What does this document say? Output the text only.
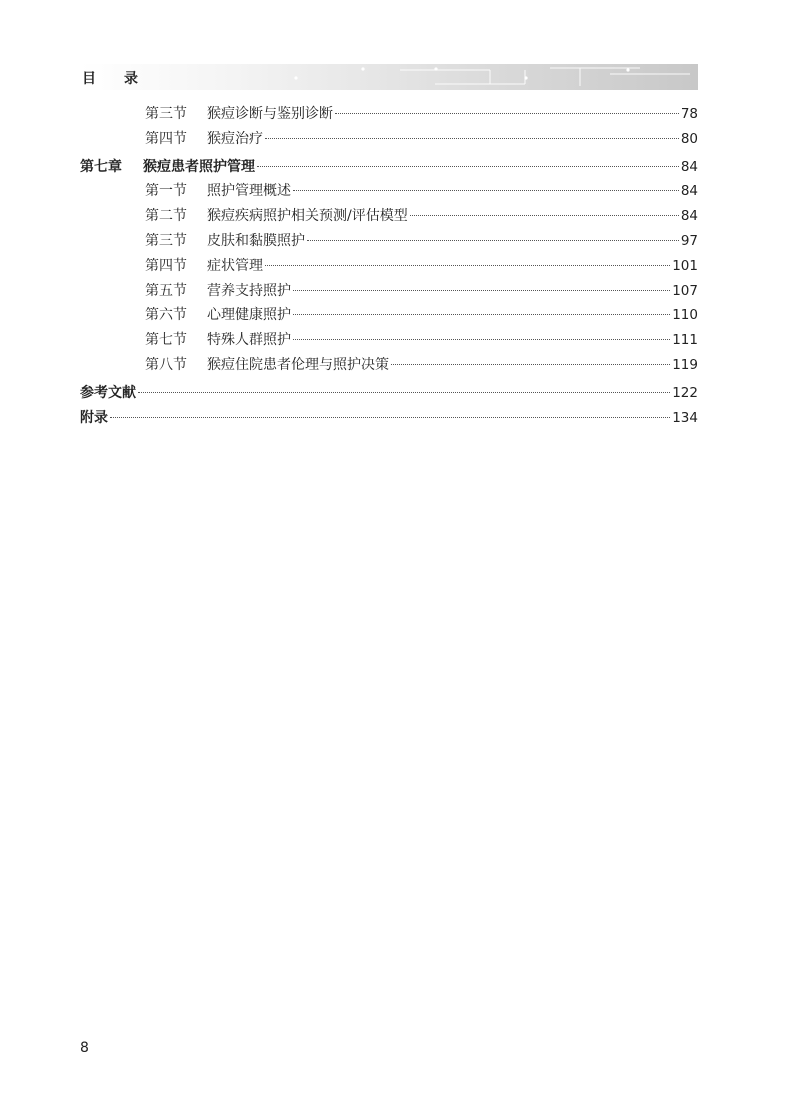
目 录
第三节 猴痘诊断与鉴别诊断	78
第四节 猴痘治疗	80
第七章 猴痘患者照护管理	84
第一节 照护管理概述	84
第二节 猴痘疾病照护相关预测/评估模型	84
第三节 皮肤和黏膜照护	97
第四节 症状管理	101
第五节 营养支持照护	107
第六节 心理健康照护	110
第七节 特殊人群照护	111
第八节 猴痘住院患者伦理与照护决策	119
参考文献	122
附录	134
8
